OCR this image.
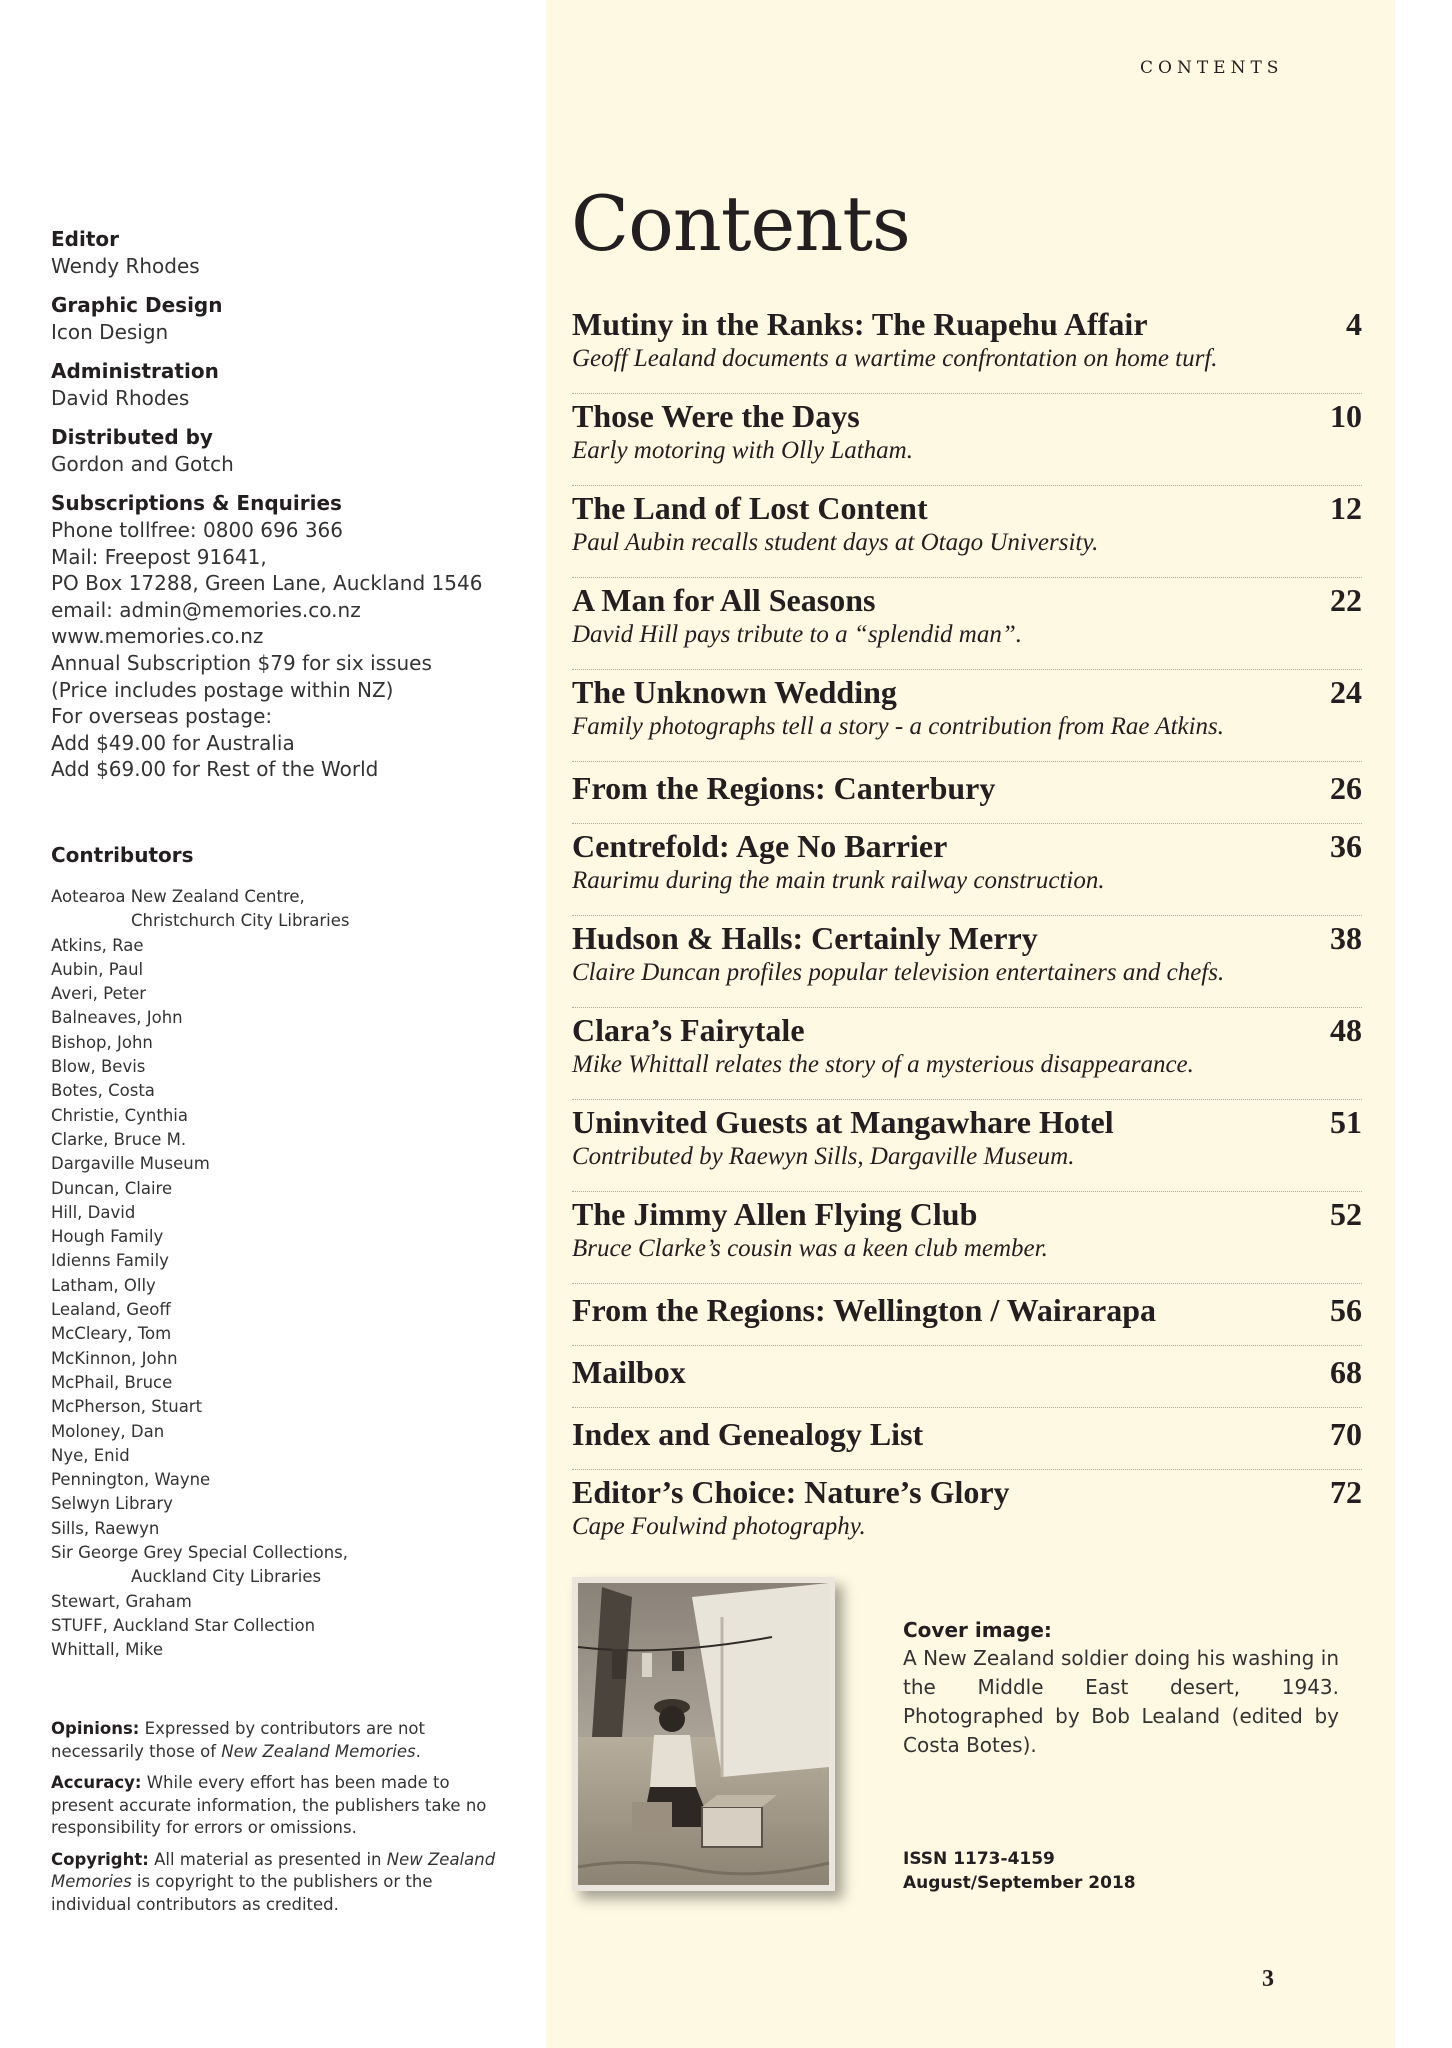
CONTENTS
Contents
Mutiny in the Ranks: The Ruapehu Affair	4
Geoff Lealand documents a wartime confrontation on home turf.
Those Were the Days	10
Early motoring with Olly Latham.
The Land of Lost Content	12
Paul Aubin recalls student days at Otago University.
A Man for All Seasons	22
David Hill pays tribute to a “splendid man”.
The Unknown Wedding	24
Family photographs tell a story - a contribution from Rae Atkins.
From the Regions: Canterbury	26
Centrefold: Age No Barrier	36
Raurimu during the main trunk railway construction.
Hudson & Halls: Certainly Merry	38
Claire Duncan profiles popular television entertainers and chefs.
Clara’s Fairytale	48
Mike Whittall relates the story of a mysterious disappearance.
Uninvited Guests at Mangawhare Hotel	51
Contributed by Raewyn Sills, Dargaville Museum.
The Jimmy Allen Flying Club	52
Bruce Clarke’s cousin was a keen club member.
From the Regions: Wellington / Wairarapa	56
Mailbox	68
Index and Genealogy List	70
Editor’s Choice: Nature’s Glory	72
Cape Foulwind photography.
Editor
Wendy Rhodes
Graphic Design
Icon Design
Administration
David Rhodes
Distributed by
Gordon and Gotch
Subscriptions & Enquiries
Phone tollfree: 0800 696 366
Mail: Freepost 91641,
PO Box 17288, Green Lane, Auckland 1546
email: admin@memories.co.nz
www.memories.co.nz
Annual Subscription $79 for six issues
(Price includes postage within NZ)
For overseas postage:
Add $49.00 for Australia
Add $69.00 for Rest of the World
Contributors
Aotearoa New Zealand Centre,
Christchurch City Libraries
Atkins, Rae
Aubin, Paul
Averi, Peter
Balneaves, John
Bishop, John
Blow, Bevis
Botes, Costa
Christie, Cynthia
Clarke, Bruce M.
Dargaville Museum
Duncan, Claire
Hill, David
Hough Family
Idienns Family
Latham, Olly
Lealand, Geoff
McCleary, Tom
McKinnon, John
McPhail, Bruce
McPherson, Stuart
Moloney, Dan
Nye, Enid
Pennington, Wayne
Selwyn Library
Sills, Raewyn
Sir George Grey Special Collections,
Auckland City Libraries
Stewart, Graham
STUFF, Auckland Star Collection
Whittall, Mike

Opinions: Expressed by contributors are not necessarily those of New Zealand Memories.

Accuracy: While every effort has been made to present accurate information, the publishers take no responsibility for errors or omissions.

Copyright: All material as presented in New Zealand Memories is copyright to the publishers or the individual contributors as credited.

Cover image:
A New Zealand soldier doing his washing in the Middle East desert, 1943. Photographed by Bob Lealand (edited by Costa Botes).
ISSN 1173-4159
August/September 2018
3
